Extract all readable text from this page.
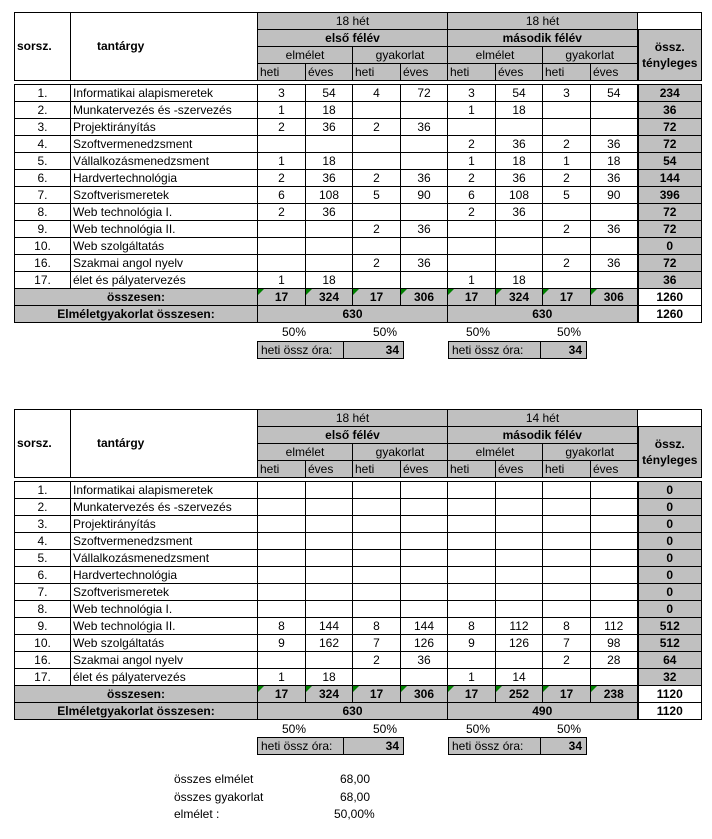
sorsz.	tantárgy	18 hét				18 hét				
		első félév				második félév				össz.
tényleges
		elmélet		gyakorlat		elmélet		gyakorlat		
		heti	éves	heti	éves	heti	éves	heti	éves	

1.	Informatikai alapismeretek	3	54	4	72	3	54	3	54	234
2.	Munkatervezés és -szervezés	1	18			1	18			36
3.	Projektirányítás	2	36	2	36					72
4.	Szoftvermenedzsment					2	36	2	36	72
5.	Vállalkozásmenedzsment	1	18			1	18	1	18	54
6.	Hardvertechnológia	2	36	2	36	2	36	2	36	144
7.	Szoftverismeretek	6	108	5	90	6	108	5	90	396
8.	Web technológia I.	2	36			2	36			72
9.	Web technológia II.			2	36			2	36	72
10.	Web szolgáltatás									0
16.	Szakmai angol nyelv			2	36			2	36	72
17.	élet és pályatervezés	1	18			1	18			36
összesen:		17	324	17	306	17	324	17	306	1260
Elméletgyakorlat összesen:		630				630				1260
sorsz.	tantárgy	18 hét				14 hét				
		első félév				második félév				össz.
tényleges
		elmélet		gyakorlat		elmélet		gyakorlat		
		heti	éves	heti	éves	heti	éves	heti	éves	

1.	Informatikai alapismeretek									0
2.	Munkatervezés és -szervezés									0
3.	Projektirányítás									0
4.	Szoftvermenedzsment									0
5.	Vállalkozásmenedzsment									0
6.	Hardvertechnológia									0
7.	Szoftverismeretek									0
8.	Web technológia I.									0
9.	Web technológia II.	8	144	8	144	8	112	8	112	512
10.	Web szolgáltatás	9	162	7	126	9	126	7	98	512
16.	Szakmai angol nyelv			2	36			2	28	64
17.	élet és pályatervezés	1	18			1	14			32
összesen:		17	324	17	306	17	252	17	238	1120
Elméletgyakorlat összesen:		630				490				1120
50%	50%	50%	50%
heti össz óra:	34	heti össz óra:	34
50%	50%	50%	50%
heti össz óra:	34	heti össz óra:	34
összes elmélet	68,00
összes gyakorlat	68,00
elmélet :	50,00%
